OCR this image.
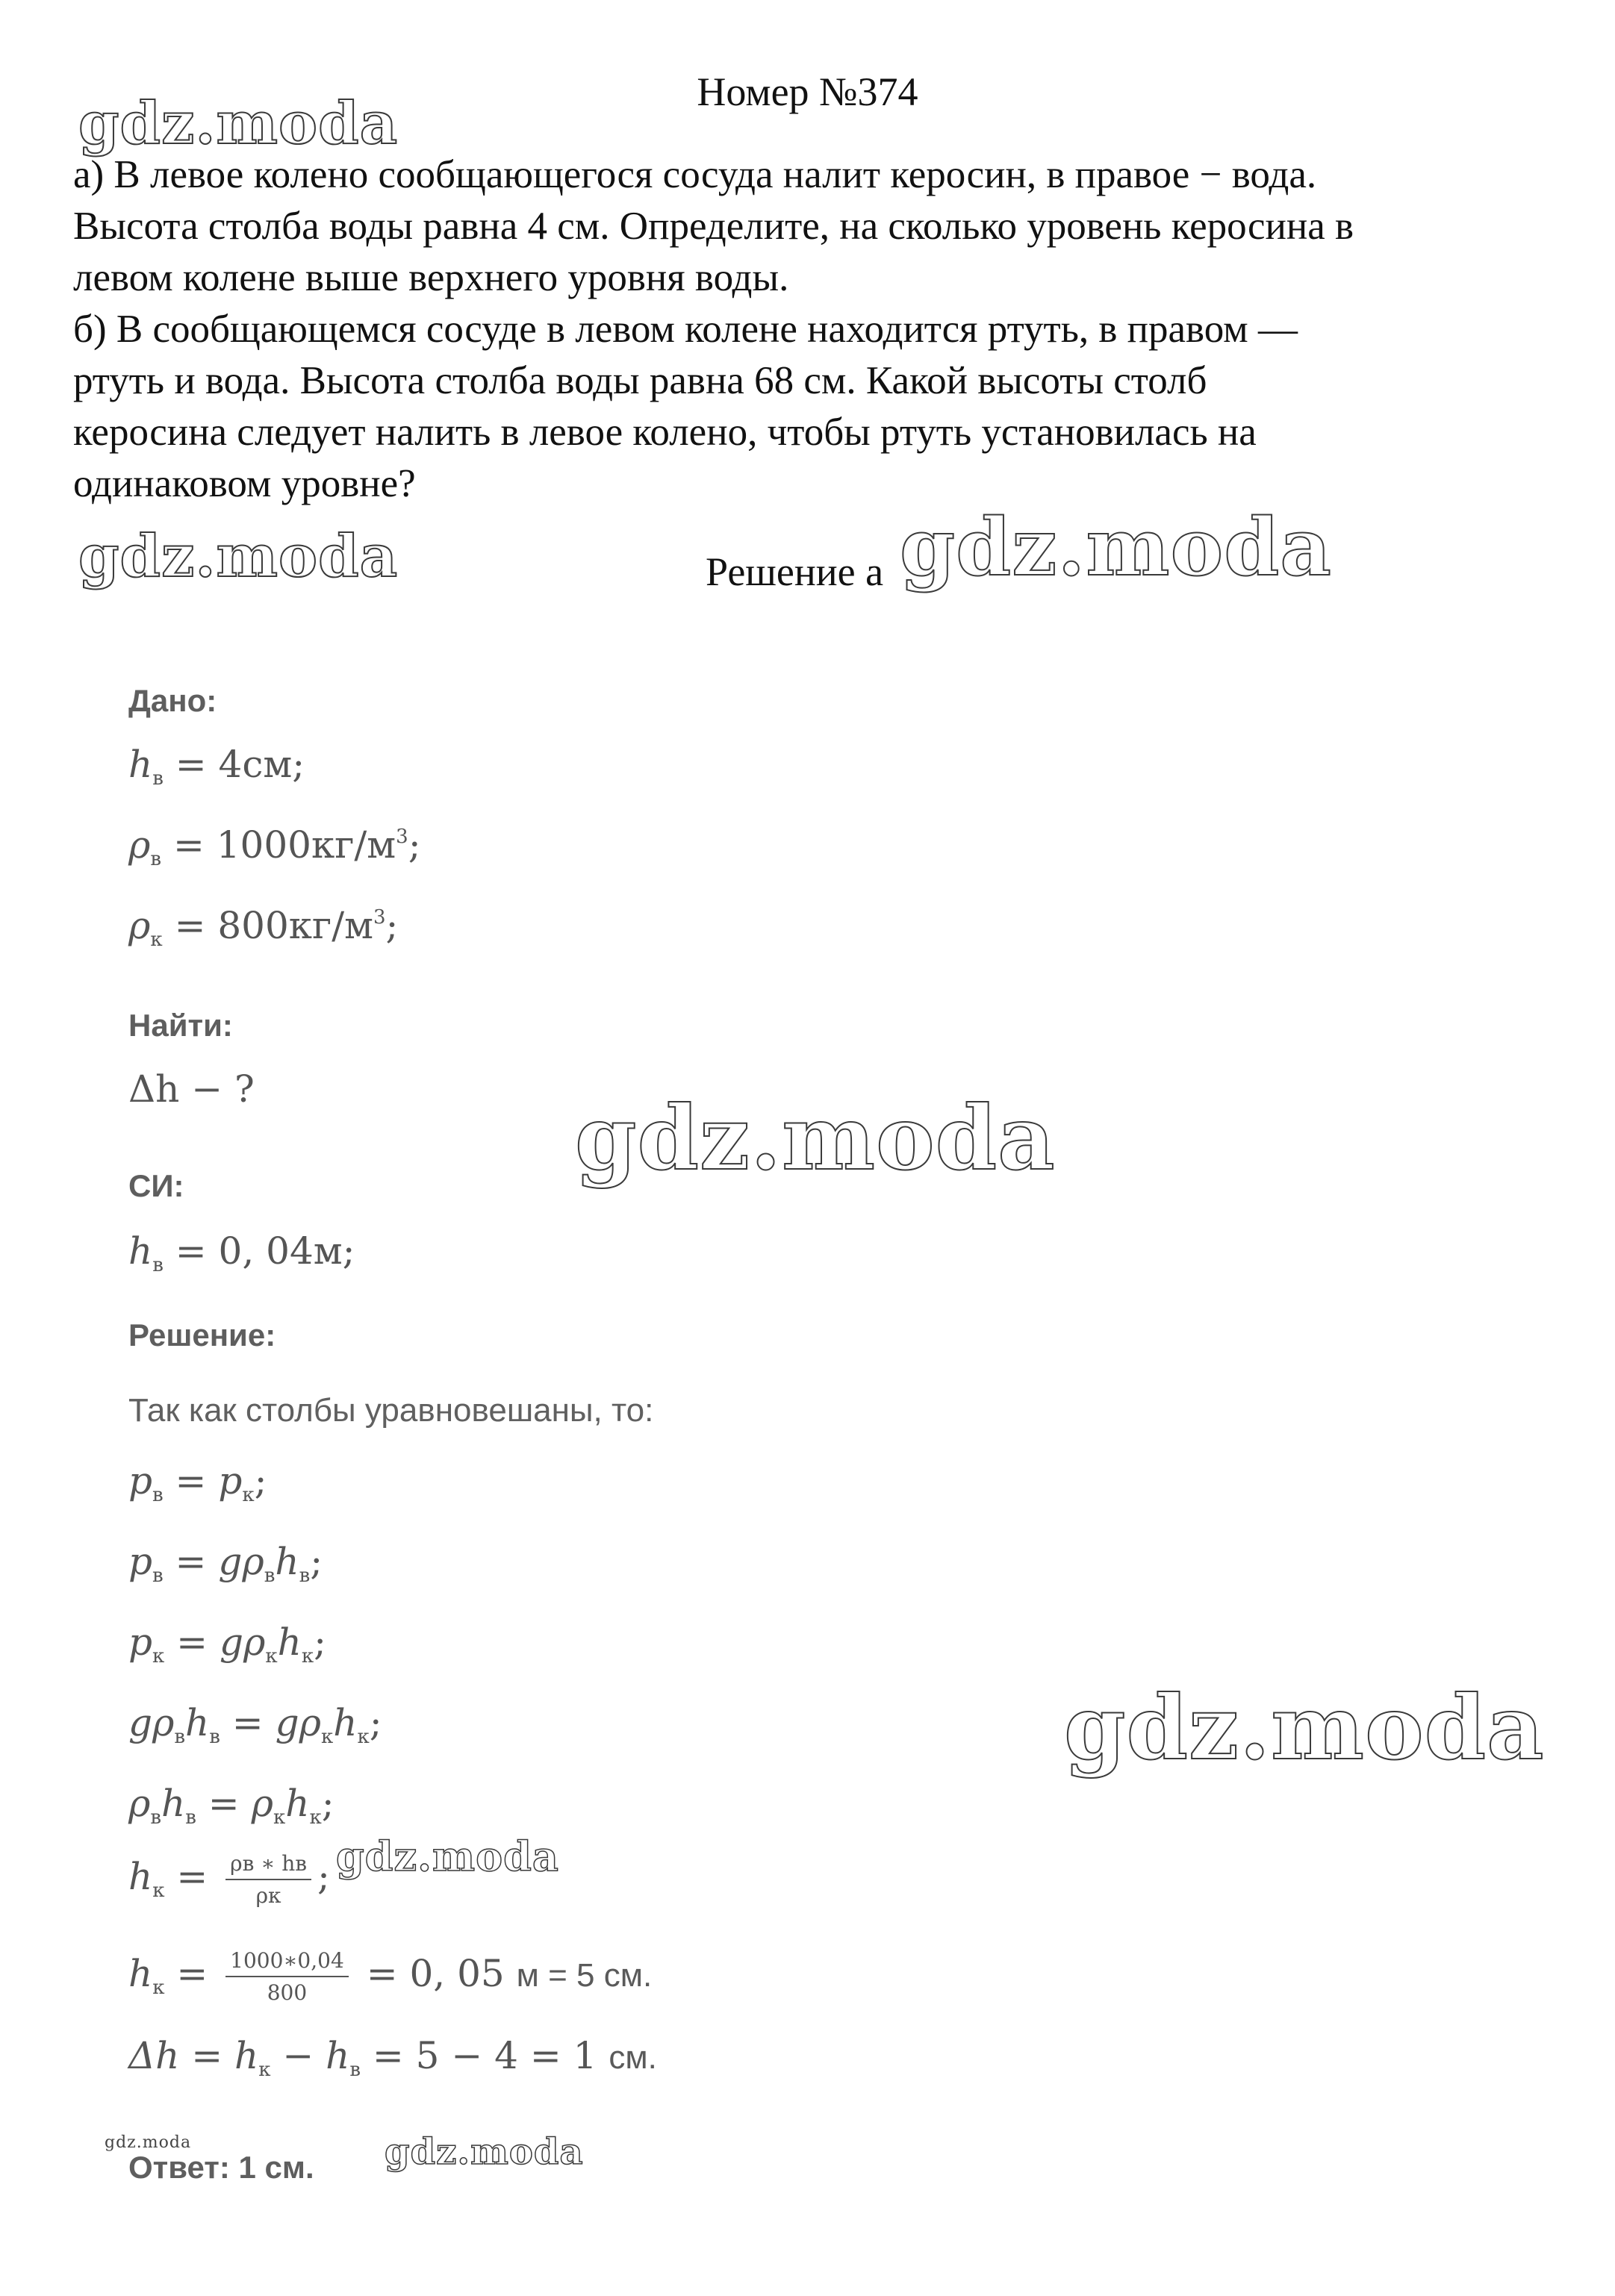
Номер №374
а) В левое колено сообщающегося сосуда налит керосин, в правое − вода.
Высота столба воды равна 4 см. Определите, на сколько уровень керосина в
левом колене выше верхнего уровня воды.
б) В сообщающемся сосуде в левом колене находится ртуть, в правом —
ртуть и вода. Высота столба воды равна 68 см. Какой высоты столб
керосина следует налить в левое колено, чтобы ртуть установилась на
одинаковом уровне?
Решение а
gdz.moda
gdz.moda	gdz.moda
gdz.moda
gdz.moda
gdz.moda
gdz.moda
gdz.moda
Дано:
$h_в = 4см$;
$\rho_в = 1000кг/м^3$;
$\rho_к = 800кг/м^3$;
Найти:
Δh − ?
СИ:
$h_в = 0$, 04м;
Решение:
Так как столбы уравновешаны, то:
$p_в = p_к$;
$p_в = g\rho_вh_в$;
$p_к = g\rho_кh_к$;
$g\rho_вh_в = g\rho_кh_к$;
$\rho_вh_в = \rho_кh_к$;
$h_к = \frac{\rho в ∗ hв}{\rho к}$ ;
$h_к = \frac{1000∗0,04}{800} = 0$, 05 м = 5 см.
$\Delta h = h_к - h_в = 5 - 4 = 1$ см.
Ответ: 1 см.
